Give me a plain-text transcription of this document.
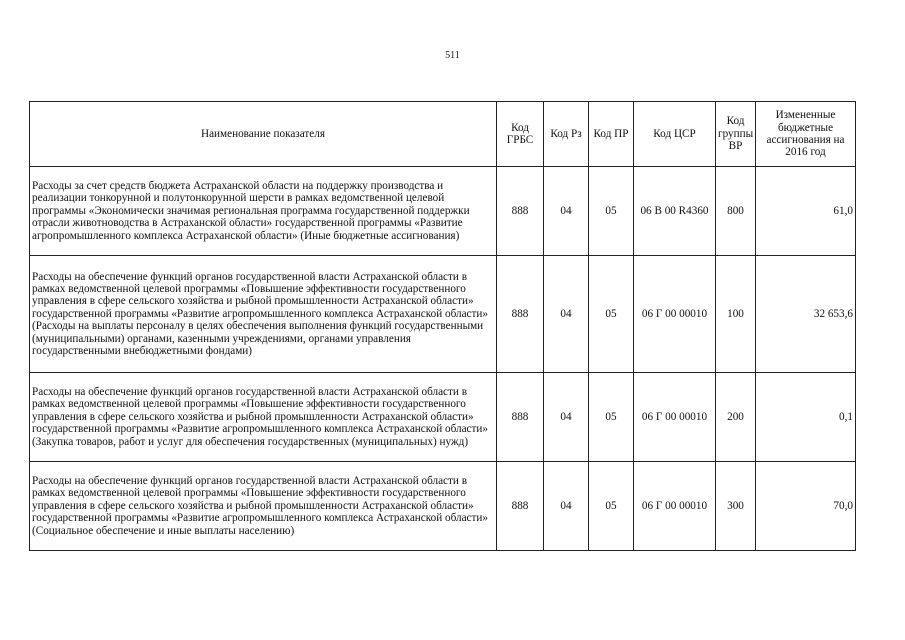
511
Наименование показателя	Код ГРБС	Код Рз	Код ПР	Код ЦСР	Код группы ВР	Измененные бюджетные ассигнования на 2016 год
Расходы за счет средств бюджета Астраханской области на поддержку производства и реализации тонкорунной и полутонкорунной шерсти в рамках ведомственной целевой программы «Экономически значимая региональная программа государственной поддержки отрасли животноводства в Астраханской области» государственной программы «Развитие агропромышленного комплекса Астраханской области» (Иные бюджетные ассигнования)	888	04	05	06 В 00 R4360	800	61,0
Расходы на обеспечение функций органов государственной власти Астраханской области в рамках ведомственной целевой программы «Повышение эффективности государственного управления в сфере сельского хозяйства и рыбной промышленности Астраханской области» государственной программы «Развитие агропромышленного комплекса Астраханской области» (Расходы на выплаты персоналу в целях обеспечения выполнения функций государственными (муниципальными) органами, казенными учреждениями, органами управления государственными внебюджетными фондами)	888	04	05	06 Г 00 00010	100	32 653,6
Расходы на обеспечение функций органов государственной власти Астраханской области в рамках ведомственной целевой программы «Повышение эффективности государственного управления в сфере сельского хозяйства и рыбной промышленности Астраханской области» государственной программы «Развитие агропромышленного комплекса Астраханской области» (Закупка товаров, работ и услуг для обеспечения государственных (муниципальных) нужд)	888	04	05	06 Г 00 00010	200	0,1
Расходы на обеспечение функций органов государственной власти Астраханской области в рамках ведомственной целевой программы «Повышение эффективности государственного управления в сфере сельского хозяйства и рыбной промышленности Астраханской области» государственной программы «Развитие агропромышленного комплекса Астраханской области» (Социальное обеспечение и иные выплаты населению)	888	04	05	06 Г 00 00010	300	70,0
